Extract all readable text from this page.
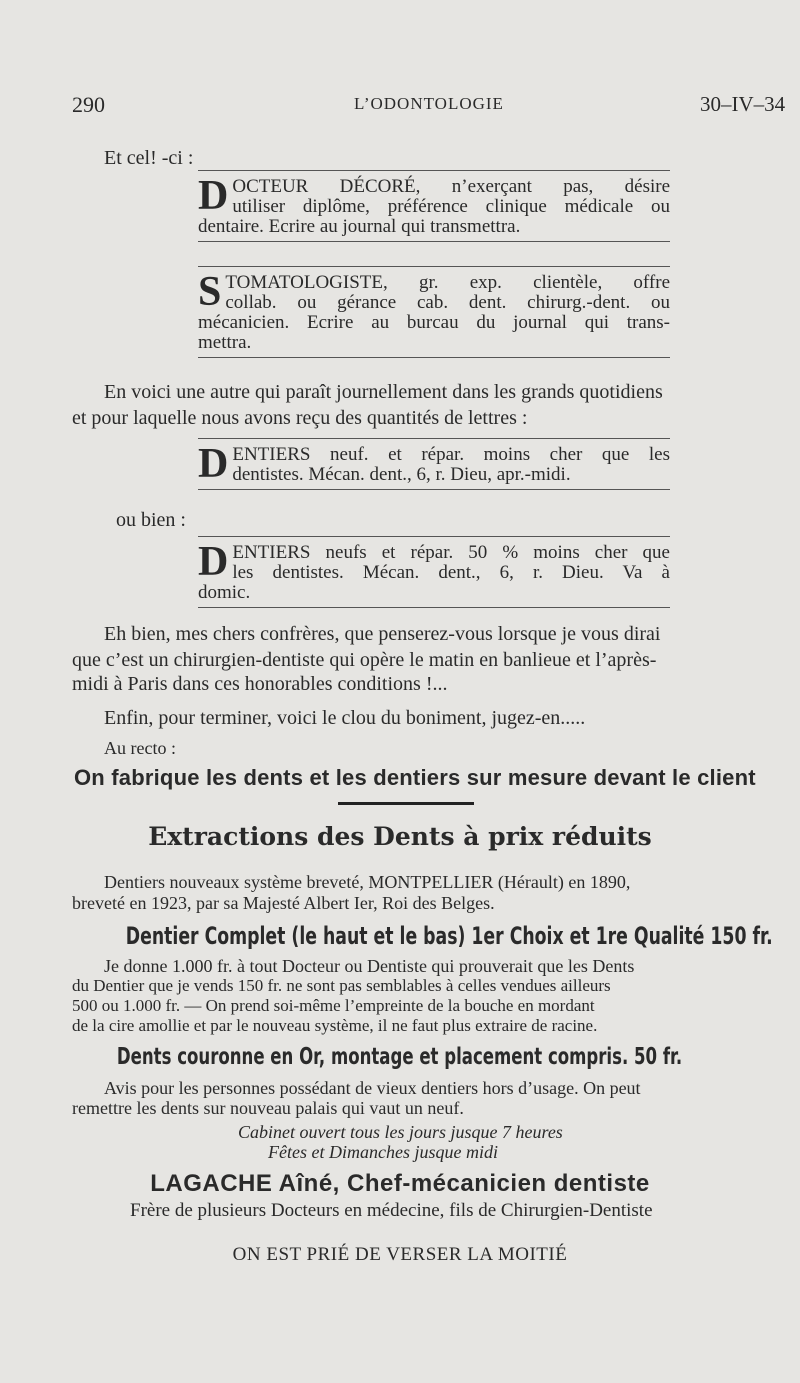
290	L’ODONTOLOGIE	30–IV–34
Et cel! -ci :
D OCTEUR DÉCORÉ, n’exerçant pas, désire
utiliser diplôme, préférence clinique médicale ou
dentaire. Ecrire au journal qui transmettra.
S TOMATOLOGISTE, gr. exp. clientèle, offre
collab. ou gérance cab. dent. chirurg.-dent. ou
mécanicien. Ecrire au burcau du journal qui trans-
mettra.
En voici une autre qui paraît journellement dans les grands quotidiens
et pour laquelle nous avons reçu des quantités de lettres :
D ENTIERS neuf. et répar. moins cher que les
dentistes. Mécan. dent., 6, r. Dieu, apr.-midi.
ou bien :
D ENTIERS neufs et répar. 50 % moins cher que
les dentistes. Mécan. dent., 6, r. Dieu. Va à
domic.
Eh bien, mes chers confrères, que penserez-vous lorsque je vous dirai
que c’est un chirurgien-dentiste qui opère le matin en banlieue et l’après-
midi à Paris dans ces honorables conditions !...
Enfin, pour terminer, voici le clou du boniment, jugez-en.....
Au recto :
On fabrique les dents et les dentiers sur mesure devant le client
Extractions des Dents à prix réduits
Dentiers nouveaux système breveté, MONTPELLIER (Hérault) en 1890,
breveté en 1923, par sa Majesté Albert Ier, Roi des Belges.
Dentier Complet (le haut et le bas) 1er Choix et 1re Qualité 150 fr.
Je donne 1.000 fr. à tout Docteur ou Dentiste qui prouverait que les Dents
du Dentier que je vends 150 fr. ne sont pas semblables à celles vendues ailleurs
500 ou 1.000 fr. — On prend soi-même l’empreinte de la bouche en mordant
de la cire amollie et par le nouveau système, il ne faut plus extraire de racine.
Dents couronne en Or, montage et placement compris. 50 fr.
Avis pour les personnes possédant de vieux dentiers hors d’usage. On peut
remettre les dents sur nouveau palais qui vaut un neuf.
Cabinet ouvert tous les jours jusque 7 heures
Fêtes et Dimanches jusque midi
LAGACHE Aîné, Chef-mécanicien dentiste
Frère de plusieurs Docteurs en médecine, fils de Chirurgien-Dentiste
ON EST PRIÉ DE VERSER LA MOITIÉ
